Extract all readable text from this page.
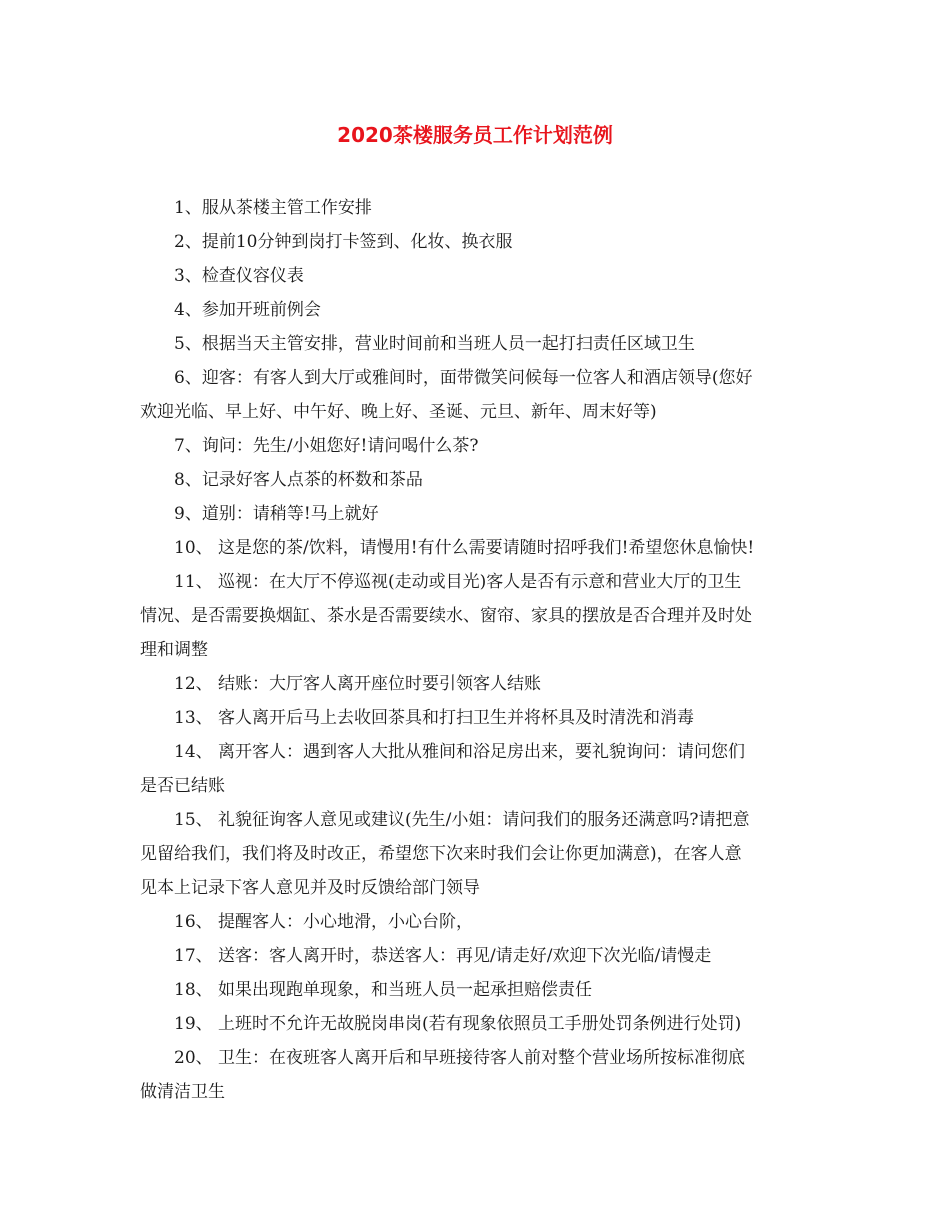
2020茶楼服务员工作计划范例
1、服从茶楼主管工作安排
2、提前10分钟到岗打卡签到、化妆、换衣服
3、检查仪容仪表
4、参加开班前例会
5、根据当天主管安排，营业时间前和当班人员一起打扫责任区域卫生
6、迎客：有客人到大厅或雅间时，面带微笑问候每一位客人和酒店领导(您好
欢迎光临、早上好、中午好、晚上好、圣诞、元旦、新年、周末好等)
7、询问：先生/小姐您好!请问喝什么茶?
8、记录好客人点茶的杯数和茶品
9、道别：请稍等!马上就好
10、 这是您的茶/饮料，请慢用!有什么需要请随时招呼我们!希望您休息愉快!
11、 巡视：在大厅不停巡视(走动或目光)客人是否有示意和营业大厅的卫生
情况、是否需要换烟缸、茶水是否需要续水、窗帘、家具的摆放是否合理并及时处
理和调整
12、 结账：大厅客人离开座位时要引领客人结账
13、 客人离开后马上去收回茶具和打扫卫生并将杯具及时清洗和消毒
14、 离开客人：遇到客人大批从雅间和浴足房出来，要礼貌询问：请问您们
是否已结账
15、 礼貌征询客人意见或建议(先生/小姐：请问我们的服务还满意吗?请把意
见留给我们，我们将及时改正，希望您下次来时我们会让你更加满意)，在客人意
见本上记录下客人意见并及时反馈给部门领导
16、 提醒客人：小心地滑，小心台阶，
17、 送客：客人离开时，恭送客人：再见/请走好/欢迎下次光临/请慢走
18、 如果出现跑单现象，和当班人员一起承担赔偿责任
19、 上班时不允许无故脱岗串岗(若有现象依照员工手册处罚条例进行处罚)
20、 卫生：在夜班客人离开后和早班接待客人前对整个营业场所按标准彻底
做清洁卫生
